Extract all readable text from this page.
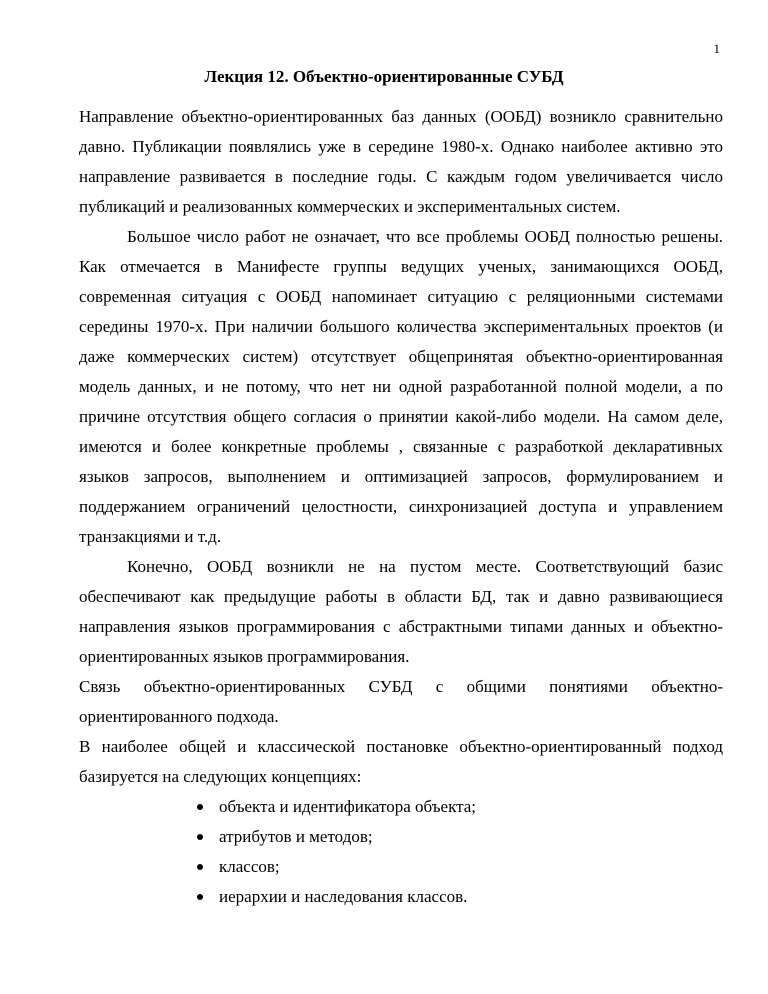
1
Лекция 12. Объектно-ориентированные СУБД

Направление объектно-ориентированных баз данных (ООБД) возникло сравнительно давно. Публикации появлялись уже в середине 1980-х. Однако наиболее активно это направление развивается в последние годы. С каждым годом увеличивается число публикаций и реализованных коммерческих и экспериментальных систем.

Большое число работ не означает, что все проблемы ООБД полностью решены. Как отмечается в Манифесте группы ведущих ученых, занимающихся ООБД, современная ситуация с ООБД напоминает ситуацию с реляционными системами середины 1970-х. При наличии большого количества экспериментальных проектов (и даже коммерческих систем) отсутствует общепринятая объектно-ориентированная модель данных, и не потому, что нет ни одной разработанной полной модели, а по причине отсутствия общего согласия о принятии какой-либо модели. На самом деле, имеются и более конкретные проблемы , связанные с разработкой декларативных языков запросов, выполнением и оптимизацией запросов, формулированием и поддержанием ограничений целостности, синхронизацией доступа и управлением транзакциями и т.д.

Конечно, ООБД возникли не на пустом месте. Соответствующий базис обеспечивают как предыдущие работы в области БД, так и давно развивающиеся направления языков программирования с абстрактными типами данных и объектно-ориентированных языков программирования.

Связь объектно-ориентированных СУБД с общими понятиями объектно-ориентированного подхода.

В наиболее общей и классической постановке объектно-ориентированный подход базируется на следующих концепциях:

объекта и идентификатора объекта;
атрибутов и методов;
классов;
иерархии и наследования классов.
